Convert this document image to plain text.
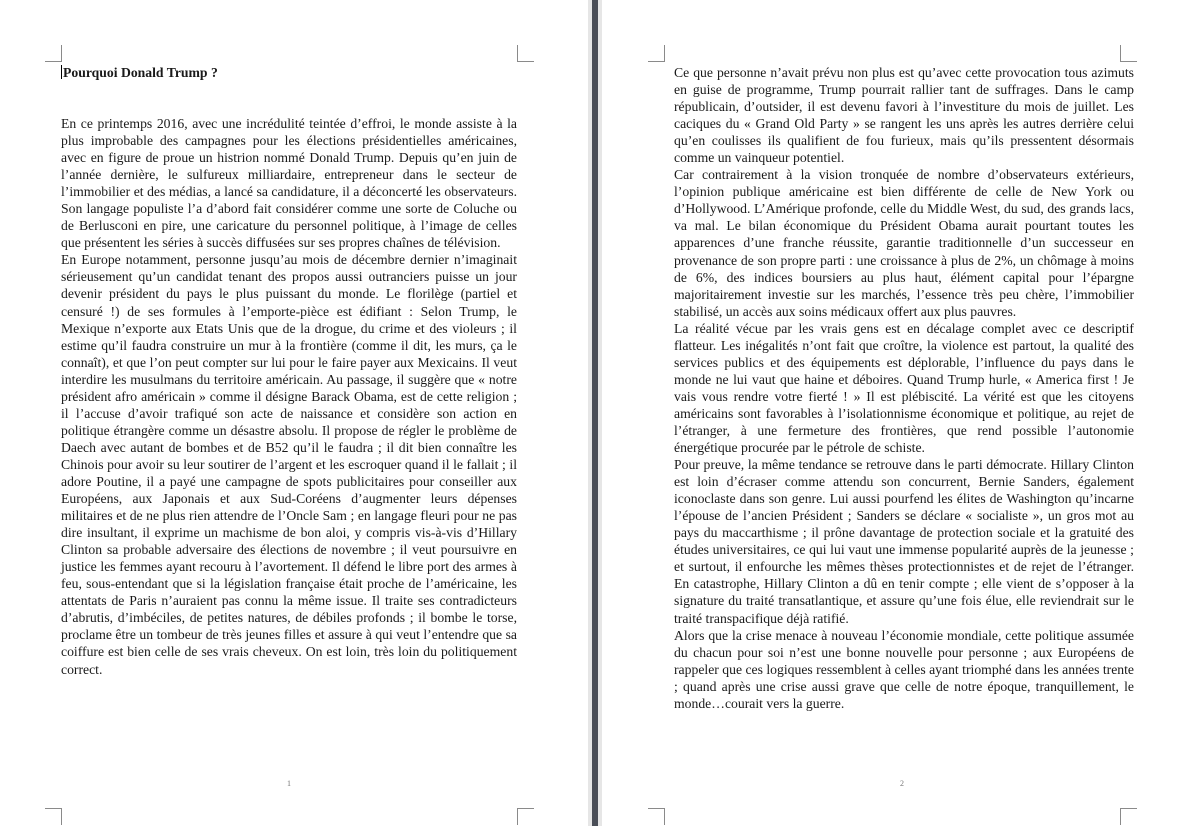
Pourquoi Donald Trump ?

En ce printemps 2016, avec une incrédulité teintée d’effroi, le monde assiste à la plus improbable des campagnes pour les élections présidentielles américaines, avec en figure de proue un histrion nommé Donald Trump. Depuis qu’en juin de l’année dernière, le sulfureux milliardaire, entrepreneur dans le secteur de l’immobilier et des médias, a lancé sa candidature, il a déconcerté les observateurs. Son langage populiste l’a d’abord fait considérer comme une sorte de Coluche ou de Berlusconi en pire, une caricature du personnel politique, à l’image de celles que présentent les séries à succès diffusées sur ses propres chaînes de télévision.

En Europe notamment, personne jusqu’au mois de décembre dernier n’imaginait sérieusement qu’un candidat tenant des propos aussi outranciers puisse un jour devenir président du pays le plus puissant du monde. Le florilège (partiel et censuré !) de ses formules à l’emporte-pièce est édifiant : Selon Trump, le Mexique n’exporte aux Etats Unis que de la drogue, du crime et des violeurs ; il estime qu’il faudra construire un mur à la frontière (comme il dit, les murs, ça le connaît), et que l’on peut compter sur lui pour le faire payer aux Mexicains. Il veut interdire les musulmans du territoire américain. Au passage, il suggère que « notre président afro américain » comme il désigne Barack Obama, est de cette religion ; il l’accuse d’avoir trafiqué son acte de naissance et considère son action en politique étrangère comme un désastre absolu. Il propose de régler le problème de Daech avec autant de bombes et de B52 qu’il le faudra ; il dit bien connaître les Chinois pour avoir su leur soutirer de l’argent et les escroquer quand il le fallait ; il adore Poutine, il a payé une campagne de spots publicitaires pour conseiller aux Européens, aux Japonais et aux Sud-Coréens d’augmenter leurs dépenses militaires et de ne plus rien attendre de l’Oncle Sam ; en langage fleuri pour ne pas dire insultant, il exprime un machisme de bon aloi, y compris vis-à-vis d’Hillary Clinton sa probable adversaire des élections de novembre ; il veut poursuivre en justice les femmes ayant recouru à l’avortement. Il défend le libre port des armes à feu, sous-entendant que si la législation française était proche de l’américaine, les attentats de Paris n’auraient pas connu la même issue. Il traite ses contradicteurs d’abrutis, d’imbéciles, de petites natures, de débiles profonds ; il bombe le torse, proclame être un tombeur de très jeunes filles et assure à qui veut l’entendre que sa coiffure est bien celle de ses vrais cheveux. On est loin, très loin du politiquement correct.

1

Ce que personne n’avait prévu non plus est qu’avec cette provocation tous azimuts en guise de programme, Trump pourrait rallier tant de suffrages. Dans le camp républicain, d’outsider, il est devenu favori à l’investiture du mois de juillet. Les caciques du « Grand Old Party » se rangent les uns après les autres derrière celui qu’en coulisses ils qualifient de fou furieux, mais qu’ils pressentent désormais comme un vainqueur potentiel.

Car contrairement à la vision tronquée de nombre d’observateurs extérieurs, l’opinion publique américaine est bien différente de celle de New York ou d’Hollywood. L’Amérique profonde, celle du Middle West, du sud, des grands lacs, va mal. Le bilan économique du Président Obama aurait pourtant toutes les apparences d’une franche réussite, garantie traditionnelle d’un successeur en provenance de son propre parti : une croissance à plus de 2%, un chômage à moins de 6%, des indices boursiers au plus haut, élément capital pour l’épargne majoritairement investie sur les marchés, l’essence très peu chère, l’immobilier stabilisé, un accès aux soins médicaux offert aux plus pauvres.

La réalité vécue par les vrais gens est en décalage complet avec ce descriptif flatteur. Les inégalités n’ont fait que croître, la violence est partout, la qualité des services publics et des équipements est déplorable, l’influence du pays dans le monde ne lui vaut que haine et déboires. Quand Trump hurle, « America first ! Je vais vous rendre votre fierté ! » Il est plébiscité. La vérité est que les citoyens américains sont favorables à l’isolationnisme économique et politique, au rejet de l’étranger, à une fermeture des frontières, que rend possible l’autonomie énergétique procurée par le pétrole de schiste.

Pour preuve, la même tendance se retrouve dans le parti démocrate. Hillary Clinton est loin d’écraser comme attendu son concurrent, Bernie Sanders, également iconoclaste dans son genre. Lui aussi pourfend les élites de Washington qu’incarne l’épouse de l’ancien Président ; Sanders se déclare « socialiste », un gros mot au pays du maccarthisme ; il prône davantage de protection sociale et la gratuité des études universitaires, ce qui lui vaut une immense popularité auprès de la jeunesse ; et surtout, il enfourche les mêmes thèses protectionnistes et de rejet de l’étranger. En catastrophe, Hillary Clinton a dû en tenir compte ; elle vient de s’opposer à la signature du traité transatlantique, et assure qu’une fois élue, elle reviendrait sur le traité transpacifique déjà ratifié.

Alors que la crise menace à nouveau l’économie mondiale, cette politique assumée du chacun pour soi n’est une bonne nouvelle pour personne ; aux Européens de rappeler que ces logiques ressemblent à celles ayant triomphé dans les années trente ; quand après une crise aussi grave que celle de notre époque, tranquillement, le monde…courait vers la guerre.

2
